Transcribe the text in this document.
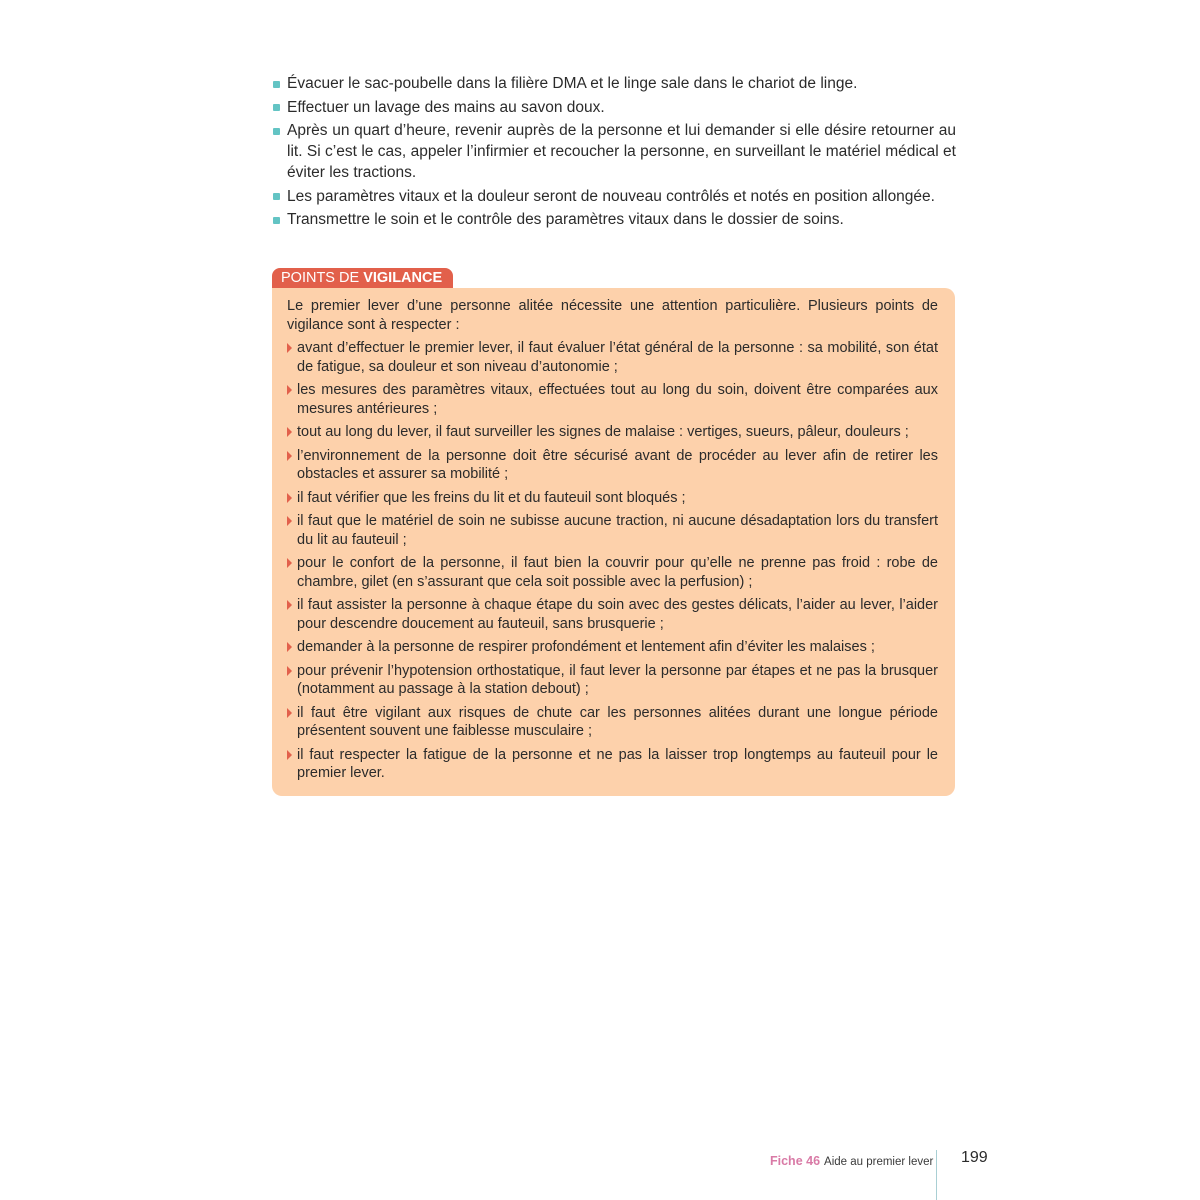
Évacuer le sac-poubelle dans la filière DMA et le linge sale dans le chariot de linge.
Effectuer un lavage des mains au savon doux.
Après un quart d’heure, revenir auprès de la personne et lui demander si elle désire retourner au lit. Si c’est le cas, appeler l’infirmier et recoucher la personne, en surveillant le matériel médical et éviter les tractions.
Les paramètres vitaux et la douleur seront de nouveau contrôlés et notés en position allongée.
Transmettre le soin et le contrôle des paramètres vitaux dans le dossier de soins.
POINTS DE VIGILANCE

Le premier lever d’une personne alitée nécessite une attention particulière. Plusieurs points de vigilance sont à respecter :

avant d’effectuer le premier lever, il faut évaluer l’état général de la personne : sa mobilité, son état de fatigue, sa douleur et son niveau d’autonomie ;
les mesures des paramètres vitaux, effectuées tout au long du soin, doivent être comparées aux mesures antérieures ;
tout au long du lever, il faut surveiller les signes de malaise : vertiges, sueurs, pâleur, douleurs ;
l’environnement de la personne doit être sécurisé avant de procéder au lever afin de retirer les obstacles et assurer sa mobilité ;
il faut vérifier que les freins du lit et du fauteuil sont bloqués ;
il faut que le matériel de soin ne subisse aucune traction, ni aucune désadaptation lors du transfert du lit au fauteuil ;
pour le confort de la personne, il faut bien la couvrir pour qu’elle ne prenne pas froid : robe de chambre, gilet (en s’assurant que cela soit possible avec la perfusion) ;
il faut assister la personne à chaque étape du soin avec des gestes délicats, l’aider au lever, l’aider pour descendre doucement au fauteuil, sans brusquerie ;
demander à la personne de respirer profondément et lentement afin d’éviter les malaises ;
pour prévenir l’hypotension orthostatique, il faut lever la personne par étapes et ne pas la brusquer (notamment au passage à la station debout) ;
il faut être vigilant aux risques de chute car les personnes alitées durant une longue période présentent souvent une faiblesse musculaire ;
il faut respecter la fatigue de la personne et ne pas la laisser trop longtemps au fauteuil pour le premier lever.
Fiche 46 Aide au premier lever 199
